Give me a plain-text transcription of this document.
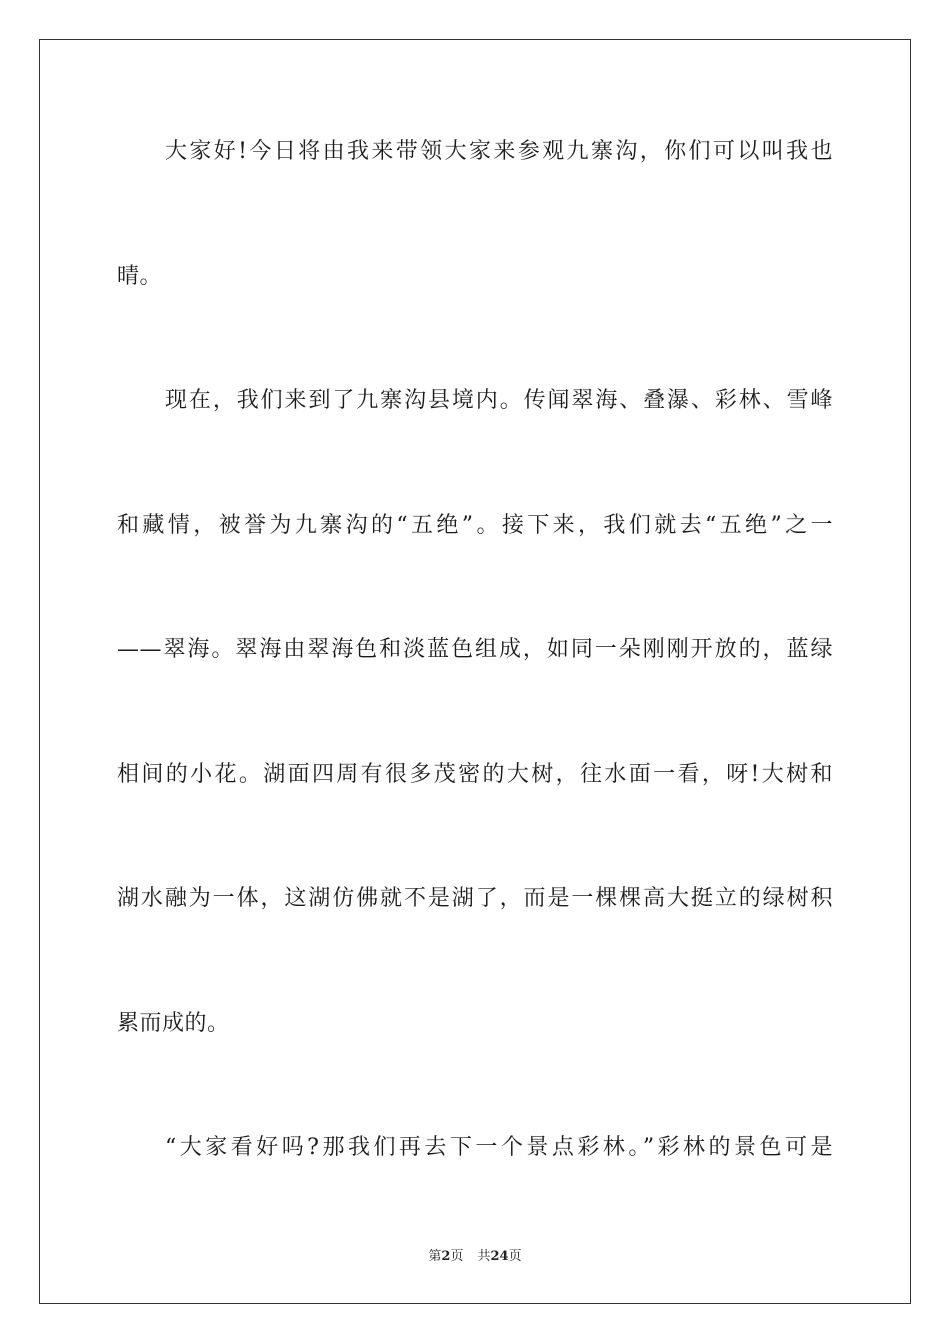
大家好!今日将由我来带领大家来参观九寨沟，你们可以叫我也
晴。
现在，我们来到了九寨沟县境内。传闻翠海、叠瀑、彩林、雪峰
和藏情，被誉为九寨沟的“五绝”。接下来，我们就去“五绝”之一
——翠海。翠海由翠海色和淡蓝色组成，如同一朵刚刚开放的，蓝绿
相间的小花。湖面四周有很多茂密的大树，往水面一看，呀!大树和
湖水融为一体，这湖仿佛就不是湖了，而是一棵棵高大挺立的绿树积
累而成的。
“大家看好吗?那我们再去下一个景点彩林。”彩林的景色可是
第2页 共24页
